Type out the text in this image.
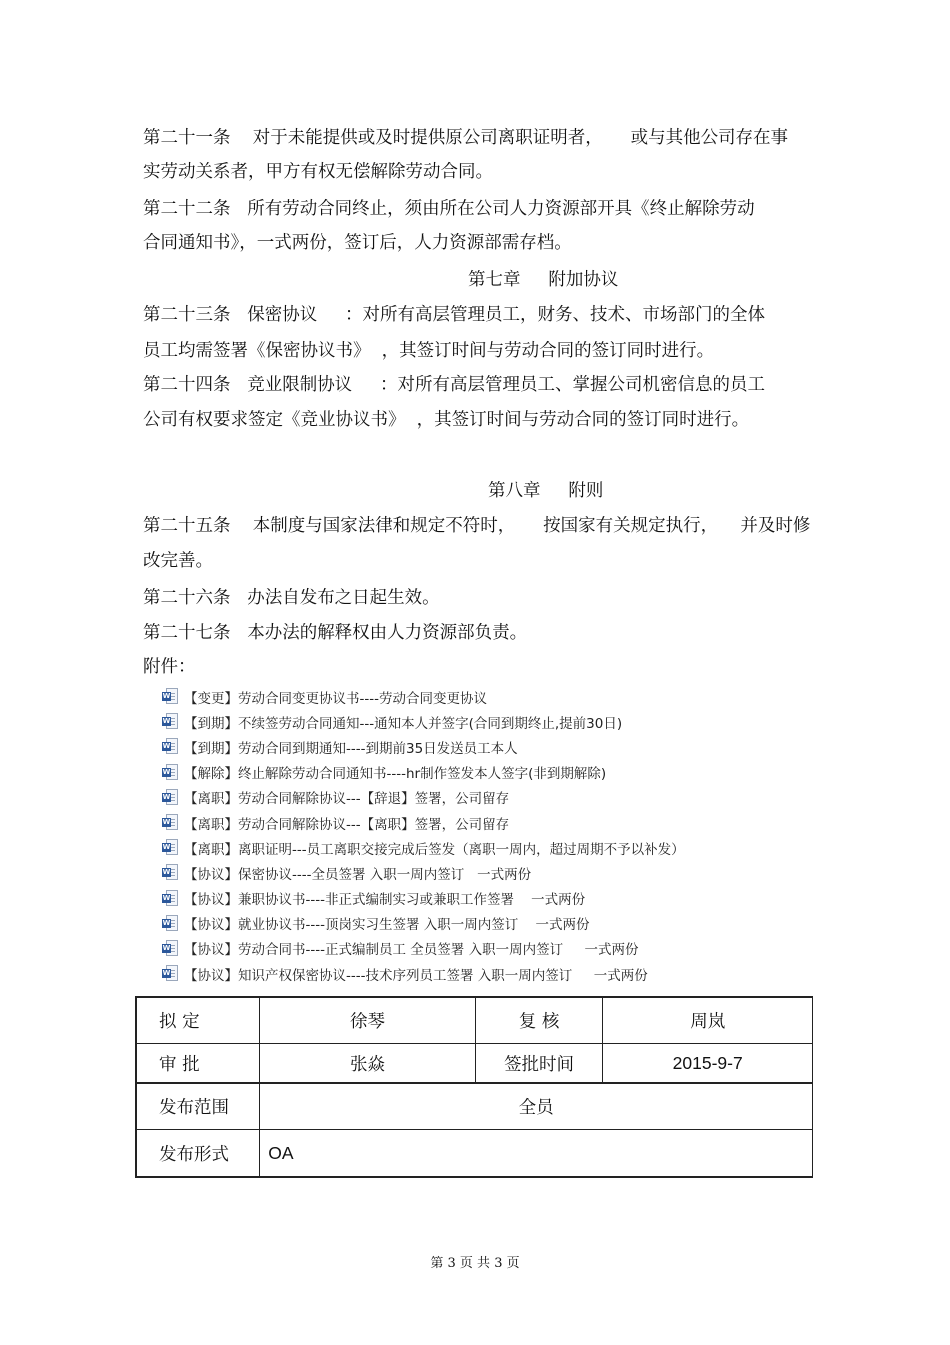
第二十一条    对于未能提供或及时提供原公司离职证明者，     或与其他公司存在事
实劳动关系者，甲方有权无偿解除劳动合同。
第二十二条   所有劳动合同终止，须由所在公司人力资源部开具《终止解除劳动
合同通知书》，一式两份，签订后，人力资源部需存档。
第七章     附加协议
第二十三条   保密协议     ：对所有高层管理员工，财务、技术、市场部门的全体
员工均需签署《保密协议书》  ，其签订时间与劳动合同的签订同时进行。
第二十四条   竞业限制协议     ：对所有高层管理员工、掌握公司机密信息的员工
公司有权要求签定《竞业协议书》  ，其签订时间与劳动合同的签订同时进行。
第八章     附则
第二十五条    本制度与国家法律和规定不符时，     按国家有关规定执行，    并及时修
改完善。
第二十六条   办法自发布之日起生效。
第二十七条   本办法的解释权由人力资源部负责。
附件：
W 【变更】劳动合同变更协议书----劳动合同变更协议
W 【到期】不续签劳动合同通知---通知本人并签字(合同到期终止,提前30日)
W 【到期】劳动合同到期通知----到期前35日发送员工本人
W 【解除】终止解除劳动合同通知书----hr制作签发本人签字(非到期解除)
W 【离职】劳动合同解除协议---【辞退】签署，公司留存
W 【离职】劳动合同解除协议---【离职】签署，公司留存
W 【离职】离职证明---员工离职交接完成后签发（离职一周内，超过周期不予以补发）
W 【协议】保密协议----全员签署 入职一周内签订   一式两份
W 【协议】兼职协议书----非正式编制实习或兼职工作签署    一式两份
W 【协议】就业协议书----顶岗实习生签署 入职一周内签订    一式两份
W 【协议】劳动合同书----正式编制员工 全员签署 入职一周内签订     一式两份
W 【协议】知识产权保密协议----技术序列员工签署 入职一周内签订     一式两份
拟 定	徐琴	复 核	周岚
审 批	张焱	签批时间	2015-9-7
发布范围	全员		
发布形式	OA		
第 3 页 共 3 页
